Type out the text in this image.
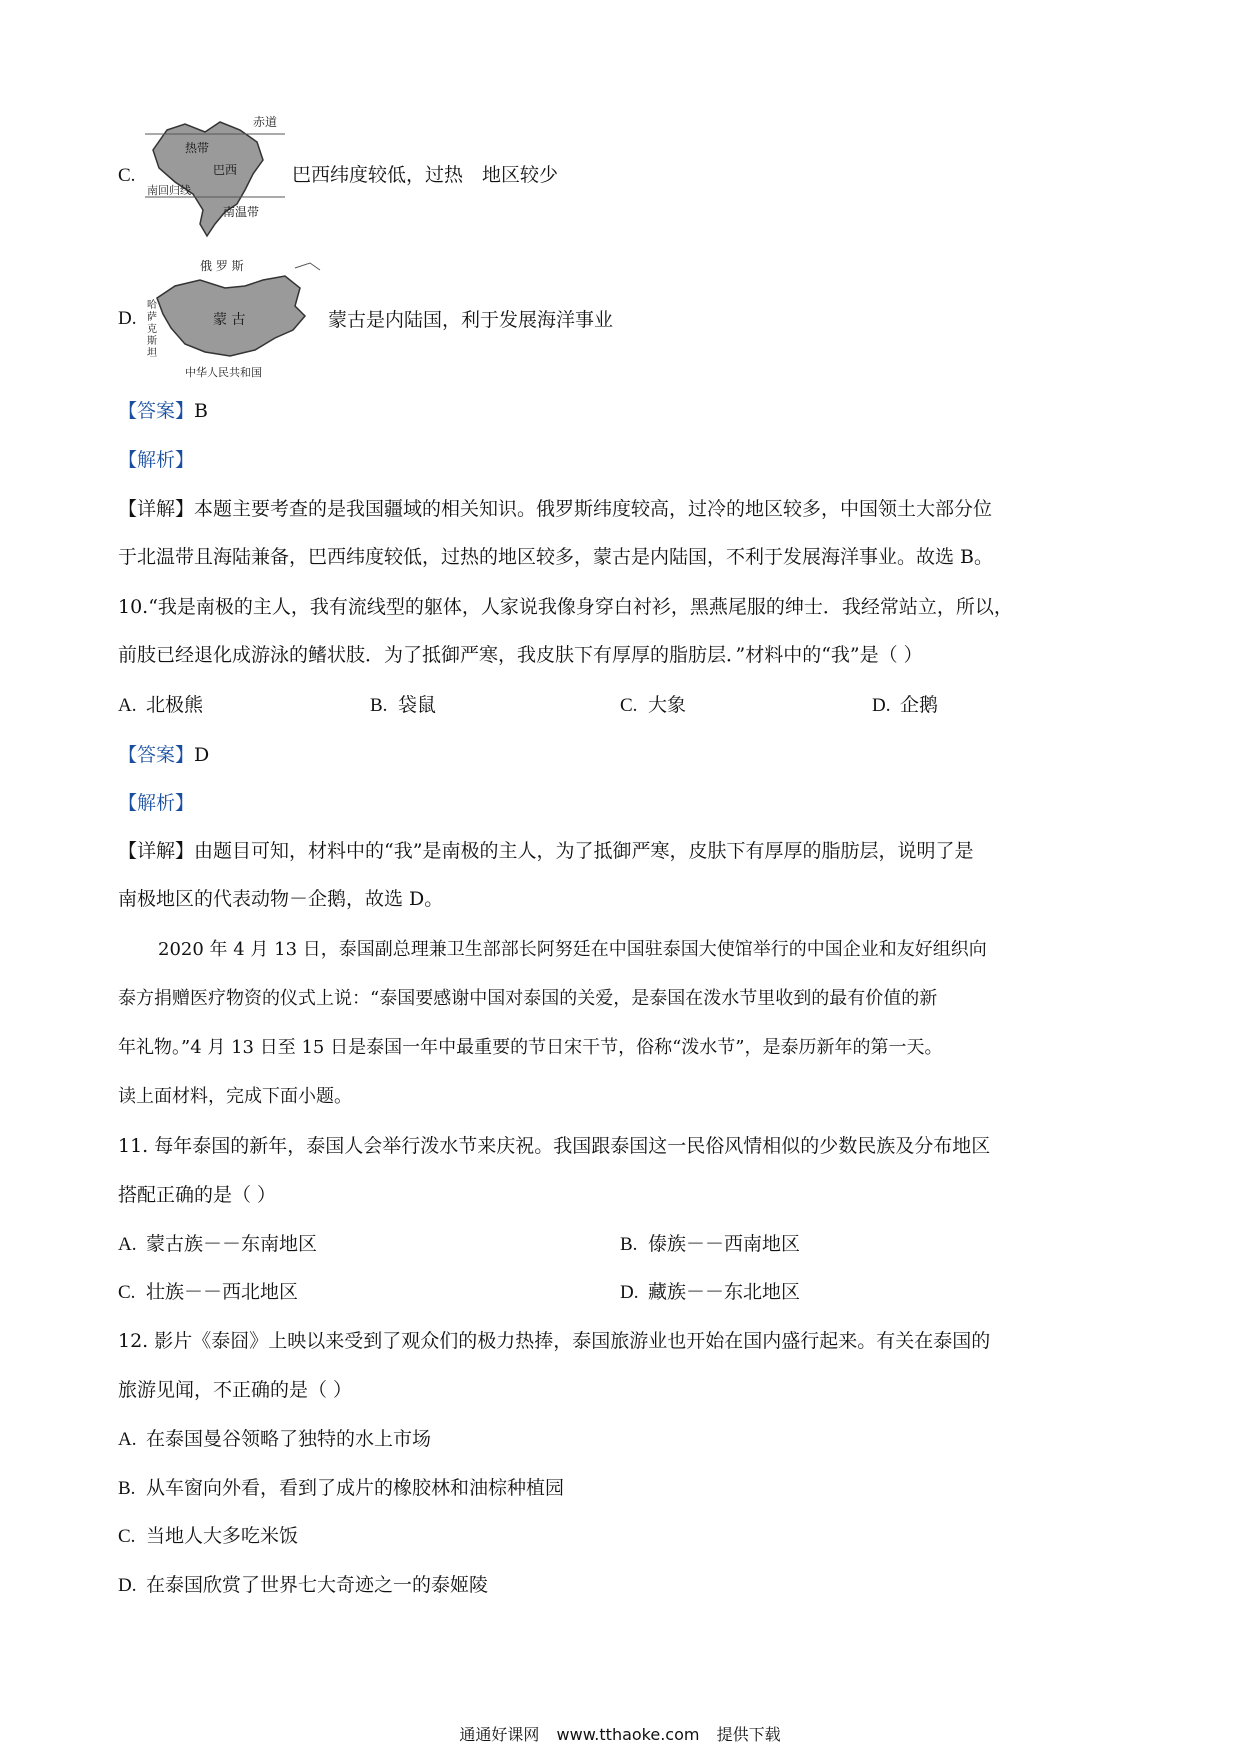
C.
赤道
热带
巴西
南回归线
南温带
巴西纬度较低，过热　地区较少
D.
俄 罗 斯
蒙 古
中华人民共和国
哈萨克斯坦
蒙古是内陆国，利于发展海洋事业
【答案】B
【解析】
【详解】本题主要考查的是我国疆域的相关知识。俄罗斯纬度较高，过冷的地区较多，中国领土大部分位
于北温带且海陆兼备，巴西纬度较低，过热的地区较多，蒙古是内陆国，不利于发展海洋事业。故选 B。
10.“我是南极的主人，我有流线型的躯体，人家说我像身穿白衬衫，黑燕尾服的绅士．我经常站立，所以，
前肢已经退化成游泳的鳍状肢．为了抵御严寒，我皮肤下有厚厚的脂肪层．”材料中的“我”是（ ）
A. 北极熊	B. 袋鼠	C. 大象	D. 企鹅
【答案】D
【解析】
【详解】由题目可知，材料中的“我”是南极的主人，为了抵御严寒，皮肤下有厚厚的脂肪层，说明了是
南极地区的代表动物－企鹅，故选 D。
2020 年 4 月 13 日，泰国副总理兼卫生部部长阿努廷在中国驻泰国大使馆举行的中国企业和友好组织向
泰方捐赠医疗物资的仪式上说：“泰国要感谢中国对泰国的关爱，是泰国在泼水节里收到的最有价值的新
年礼物。”4 月 13 日至 15 日是泰国一年中最重要的节日宋干节，俗称“泼水节”，是泰历新年的第一天。
读上面材料，完成下面小题。
11. 每年泰国的新年，泰国人会举行泼水节来庆祝。我国跟泰国这一民俗风情相似的少数民族及分布地区
搭配正确的是（ ）
A. 蒙古族－－东南地区	B. 傣族－－西南地区
C. 壮族－－西北地区	D. 藏族－－东北地区
12. 影片《泰囧》上映以来受到了观众们的极力热捧，泰国旅游业也开始在国内盛行起来。有关在泰国的
旅游见闻，不正确的是（ ）
A. 在泰国曼谷领略了独特的水上市场
B. 从车窗向外看，看到了成片的橡胶林和油棕种植园
C. 当地人大多吃米饭
D. 在泰国欣赏了世界七大奇迹之一的泰姬陵
通通好课网 www.tthaoke.com 提供下载
